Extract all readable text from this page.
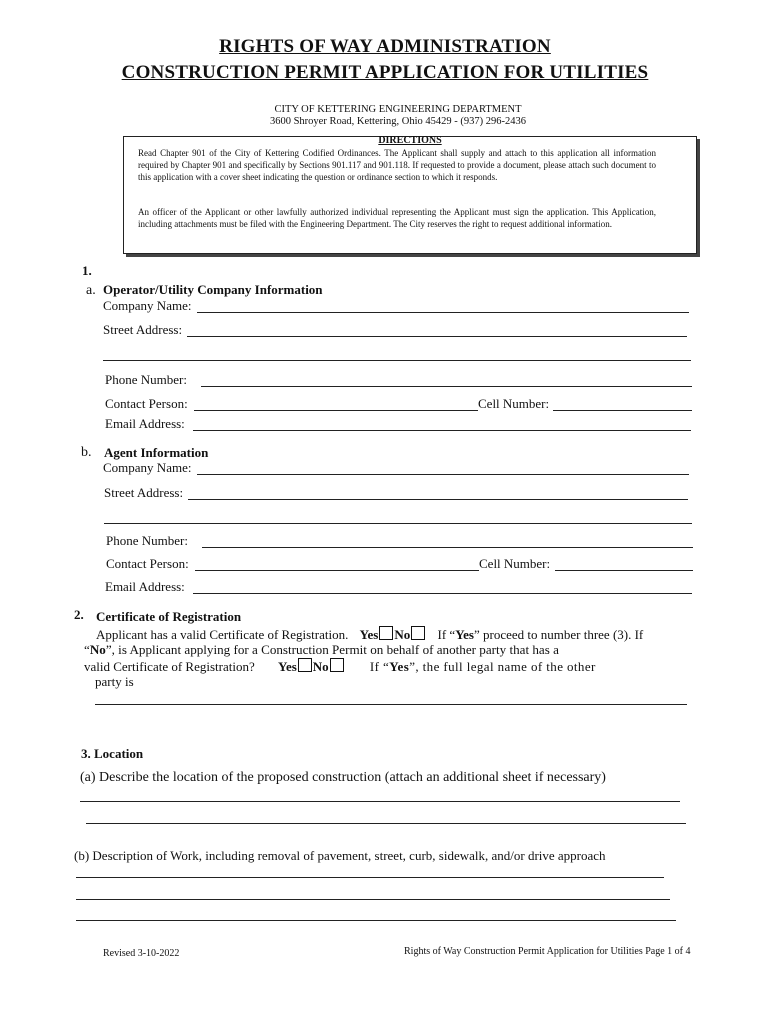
RIGHTS OF WAY ADMINISTRATION
CONSTRUCTION PERMIT APPLICATION FOR UTILITIES
CITY OF KETTERING ENGINEERING DEPARTMENT
3600 Shroyer Road, Kettering, Ohio 45429 - (937) 296-2436
DIRECTIONS
Read Chapter 901 of the City of Kettering Codified Ordinances. The Applicant shall supply and attach to this application all information required by Chapter 901 and specifically by Sections 901.117 and 901.118. If requested to provide a document, please attach such document to this application with a cover sheet indicating the question or ordinance section to which it responds.
An officer of the Applicant or other lawfully authorized individual representing the Applicant must sign the application. This Application, including attachments must be filed with the Engineering Department. The City reserves the right to request additional information.
1.
a. Operator/Utility Company Information
Company Name:
Street Address:
Phone Number:
Contact Person:	Cell Number:
Email Address:
b. Agent Information
Company Name:
Street Address:
Phone Number:
Contact Person:	Cell Number:
Email Address:
2. Certificate of Registration
Applicant has a valid Certificate of Registration. Yes No If “Yes” proceed to number three (3). If
“No”, is Applicant applying for a Construction Permit on behalf of another party that has a
valid Certificate of Registration? Yes No	If “Yes”, the full legal name of the other
party is
3. Location
(a) Describe the location of the proposed construction (attach an additional sheet if necessary)
(b) Description of Work, including removal of pavement, street, curb, sidewalk, and/or drive approach
Revised 3-10-2022	Rights of Way Construction Permit Application for Utilities Page 1 of 4
